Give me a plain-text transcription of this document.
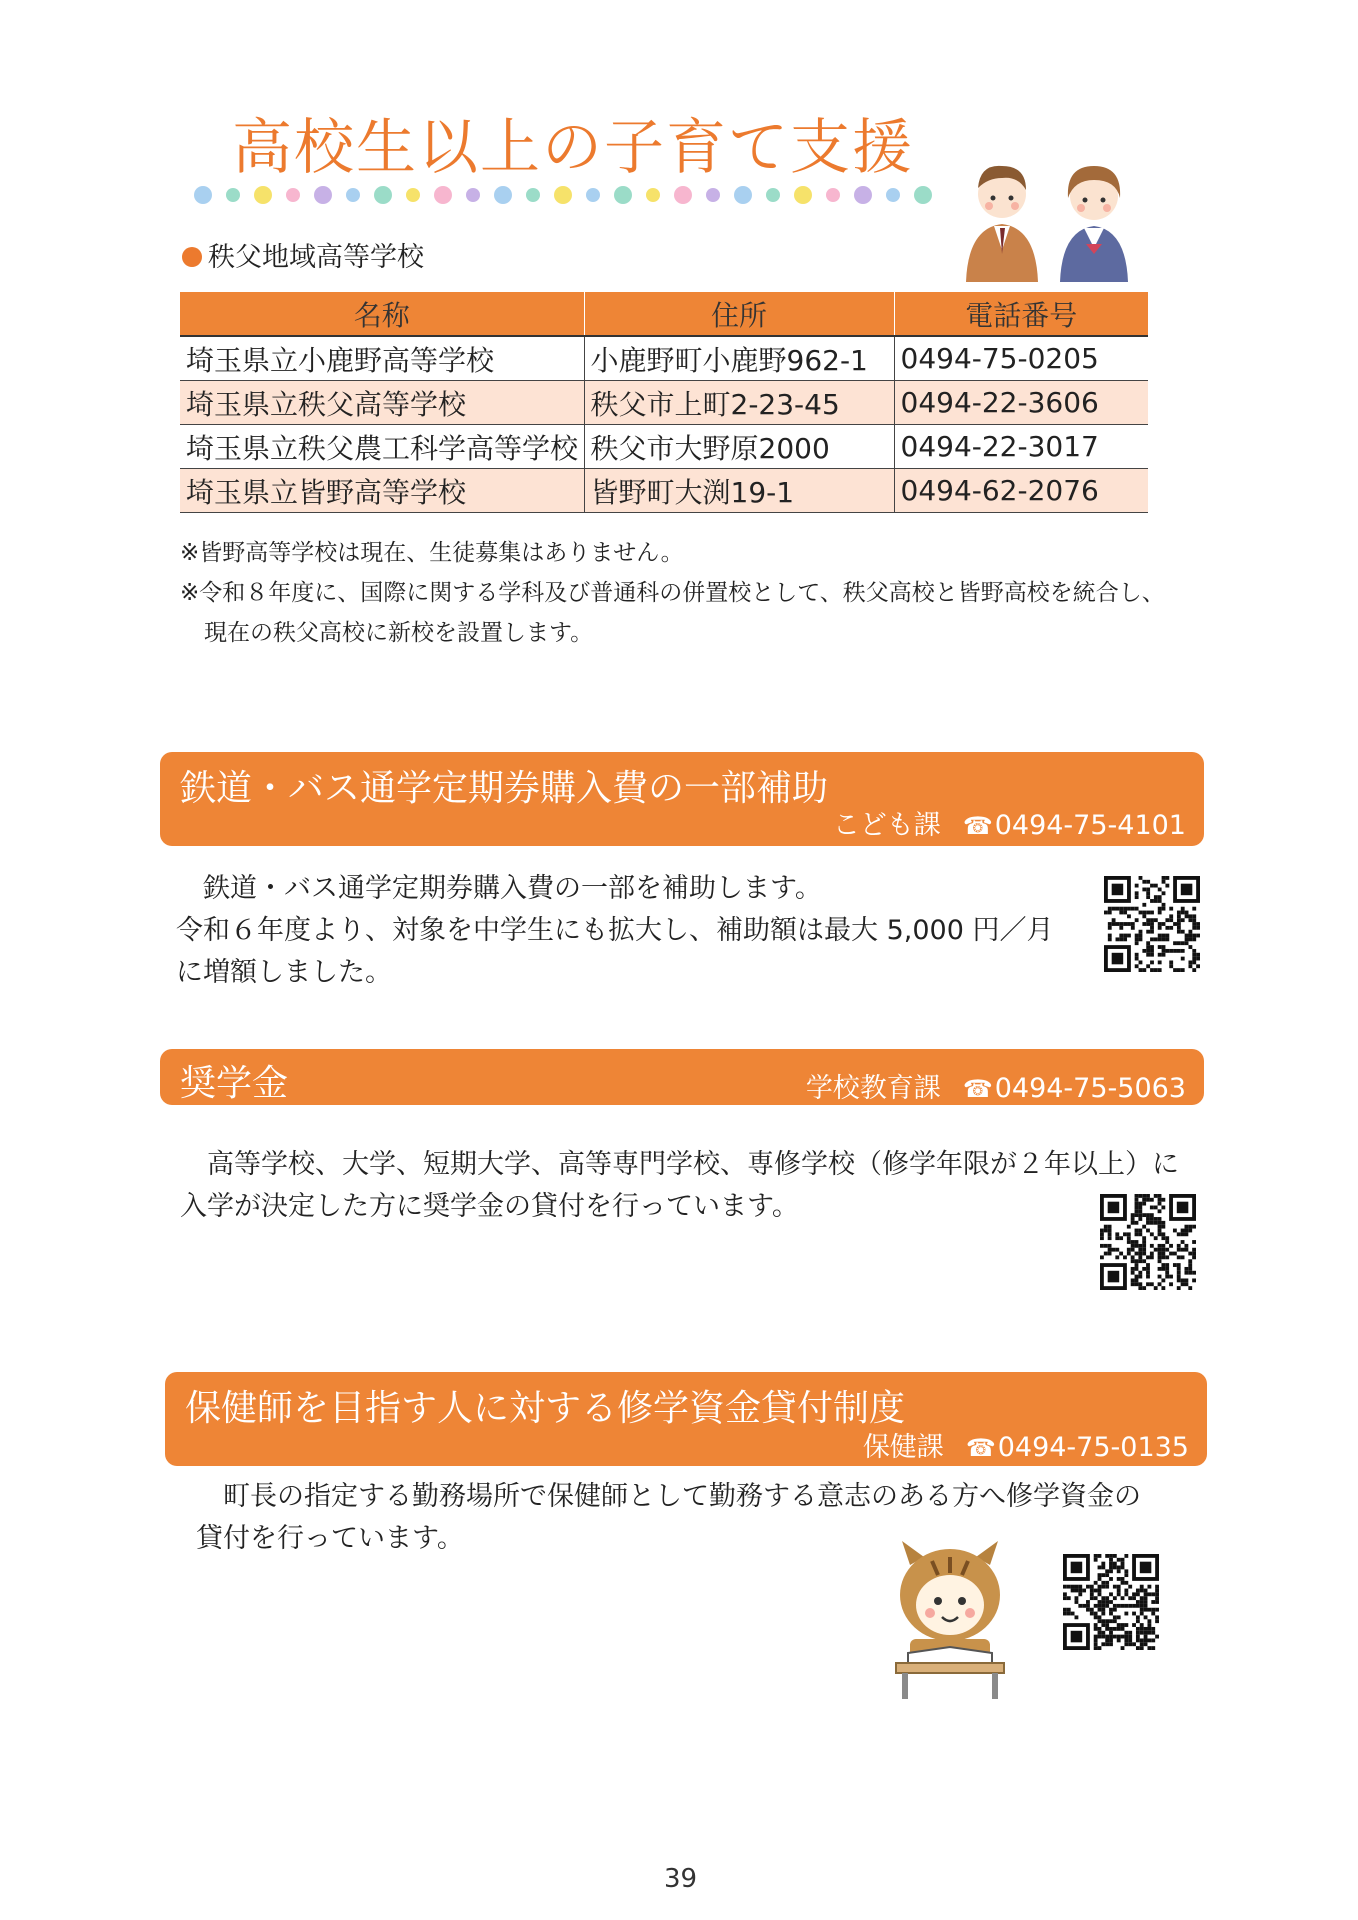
高校生以上の子育て支援
秩父地域高等学校
名称	住所	電話番号
埼玉県立小鹿野高等学校	小鹿野町小鹿野962-1	0494-75-0205
埼玉県立秩父高等学校	秩父市上町2-23-45	0494-22-3606
埼玉県立秩父農工科学高等学校	秩父市大野原2000	0494-22-3017
埼玉県立皆野高等学校	皆野町大渕19-1	0494-62-2076
※皆野高等学校は現在、生徒募集はありません。
※令和８年度に、国際に関する学科及び普通科の併置校として、秩父高校と皆野高校を統合し、
現在の秩父高校に新校を設置します。
鉄道・バス通学定期券購入費の一部補助
こども課 ☎0494-75-4101
鉄道・バス通学定期券購入費の一部を補助します。
令和６年度より、対象を中学生にも拡大し、補助額は最大 5,000 円／月
に増額しました。
奨学金	学校教育課 ☎0494-75-5063
高等学校、大学、短期大学、高等専門学校、専修学校（修学年限が２年以上）に
入学が決定した方に奨学金の貸付を行っています。
保健師を目指す人に対する修学資金貸付制度
保健課 ☎0494-75-0135
町長の指定する勤務場所で保健師として勤務する意志のある方へ修学資金の
貸付を行っています。
39
